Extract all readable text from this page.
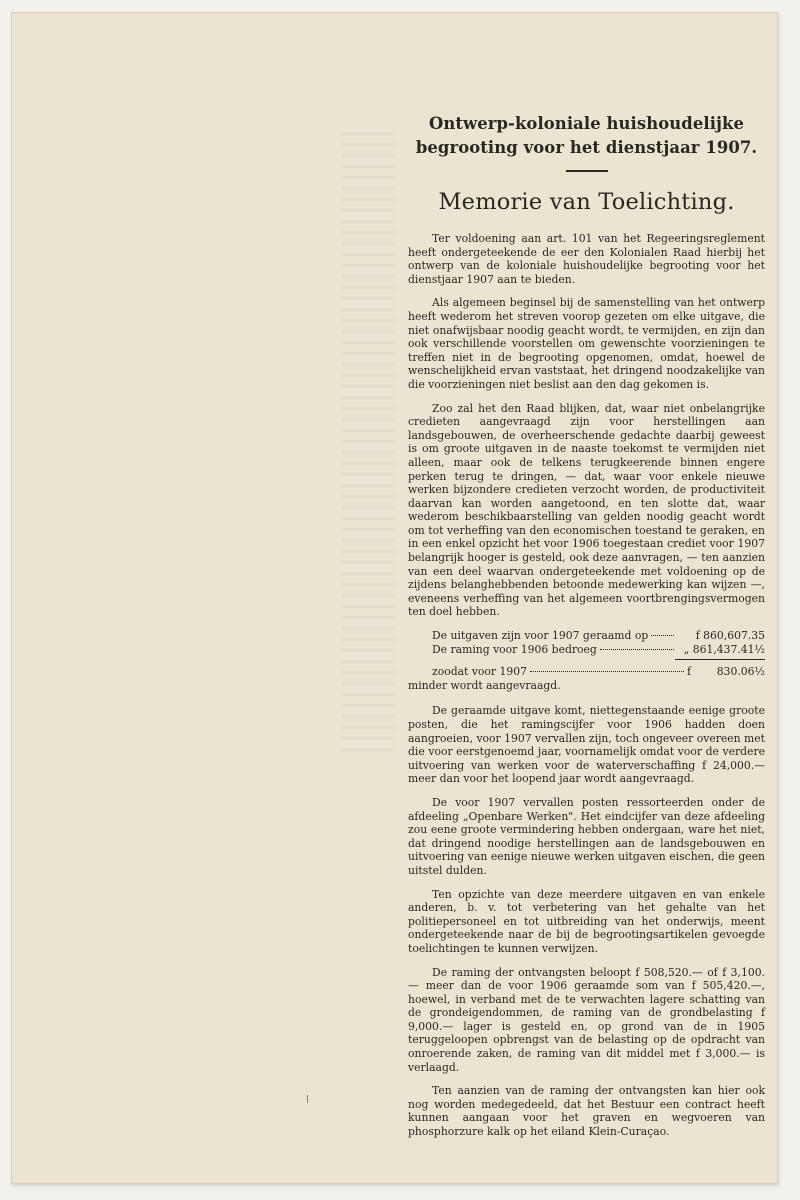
Ontwerp-koloniale huishoudelijke begrooting voor het dienstjaar 1907.
Memorie van Toelichting.

Ter voldoening aan art. 101 van het Regeeringsreglement heeft ondergeteekende de eer den Kolonialen Raad hierbij het ontwerp van de koloniale huishoudelijke begrooting voor het dienstjaar 1907 aan te bieden.

Als algemeen beginsel bij de samenstelling van het ontwerp heeft wederom het streven voorop gezeten om elke uitgave, die niet onafwijsbaar noodig geacht wordt, te vermijden, en zijn dan ook verschillende voorstellen om gewenschte voorzieningen te treffen niet in de begrooting opgenomen, omdat, hoewel de wenschelijkheid ervan vaststaat, het dringend noodzakelijke van die voorzieningen niet beslist aan den dag gekomen is.

Zoo zal het den Raad blijken, dat, waar niet onbelangrijke credieten aangevraagd zijn voor herstellingen aan landsgebouwen, de overheerschende gedachte daarbij geweest is om groote uitgaven in de naaste toekomst te vermijden niet alleen, maar ook de telkens terugkeerende binnen engere perken terug te dringen, — dat, waar voor enkele nieuwe werken bijzondere credieten verzocht worden, de productiviteit daarvan kan worden aangetoond, en ten slotte dat, waar wederom beschikbaarstelling van gelden noodig geacht wordt om tot verheffing van den economischen toestand te geraken, en in een enkel opzicht het voor 1906 toegestaan crediet voor 1907 belangrijk hooger is gesteld, ook deze aanvragen, — ten aanzien van een deel waarvan ondergeteekende met voldoening op de zijdens belanghebbenden betoonde medewerking kan wijzen —, eveneens verheffing van het algemeen voortbrengingsvermogen ten doel hebben.

De uitgaven zijn voor 1907 geraamd op	f 860,607.35
De raming voor 1906 bedroeg	„ 861,437.41½
zoodat voor 1907	f 830.06½
minder wordt aangevraagd.

De geraamde uitgave komt, niettegenstaande eenige groote posten, die het ramingscijfer voor 1906 hadden doen aangroeien, voor 1907 vervallen zijn, toch ongeveer overeen met die voor eerstgenoemd jaar, voornamelijk omdat voor de verdere uitvoering van werken voor de waterverschaffing f 24,000.— meer dan voor het loopend jaar wordt aangevraagd.

De voor 1907 vervallen posten ressorteerden onder de afdeeling „Openbare Werken". Het eindcijfer van deze afdeeling zou eene groote vermindering hebben ondergaan, ware het niet, dat dringend noodige herstellingen aan de landsgebouwen en uitvoering van eenige nieuwe werken uitgaven eischen, die geen uitstel dulden.

Ten opzichte van deze meerdere uitgaven en van enkele anderen, b. v. tot verbetering van het gehalte van het politiepersoneel en tot uitbreiding van het onderwijs, meent ondergeteekende naar de bij de begrootingsartikelen gevoegde toelichtingen te kunnen verwijzen.

De raming der ontvangsten beloopt f 508,520.— of f 3,100.— meer dan de voor 1906 geraamde som van f 505,420.—, hoewel, in verband met de te verwachten lagere schatting van de grondeigendommen, de raming van de grondbelasting f 9,000.— lager is gesteld en, op grond van de in 1905 teruggeloopen opbrengst van de belasting op de opdracht van onroerende zaken, de raming van dit middel met f 3,000.— is verlaagd.

Ten aanzien van de raming der ontvangsten kan hier ook nog worden medegedeeld, dat het Bestuur een contract heeft kunnen aangaan voor het graven en wegvoeren van phosphorzure kalk op het eiland Klein-Curaçao.
